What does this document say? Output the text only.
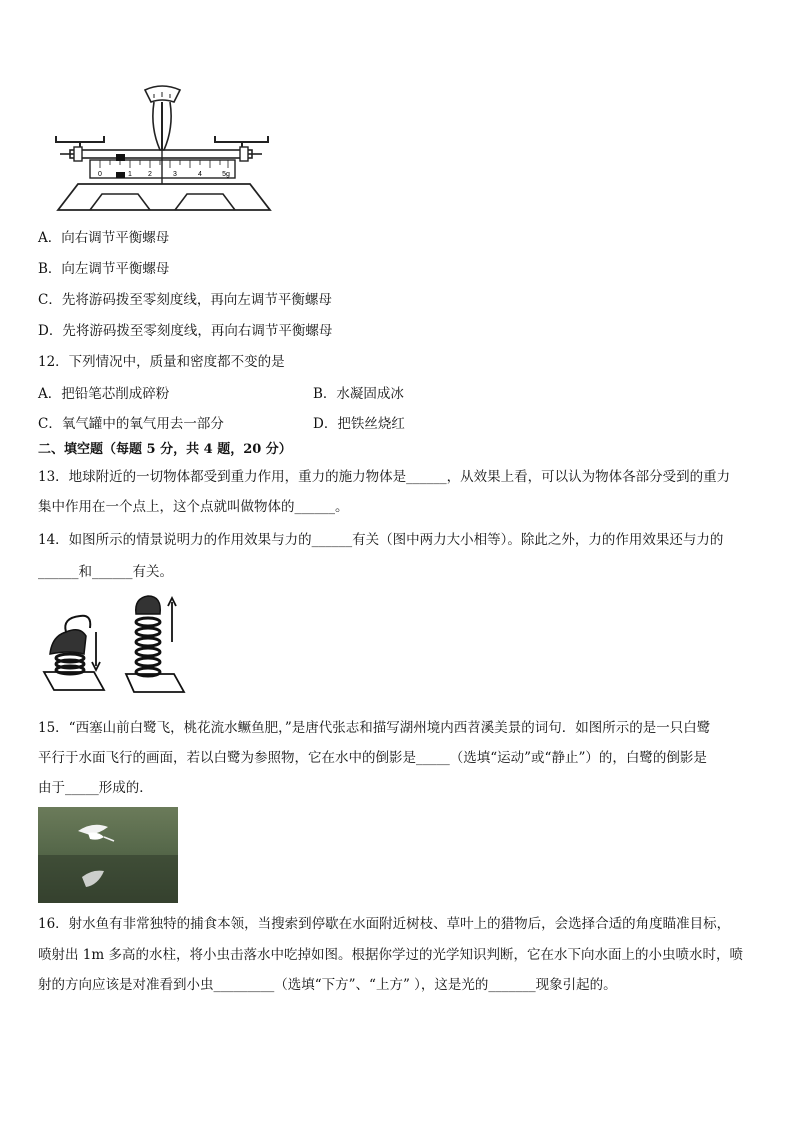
0	1 2	3	4	5g
A．向右调节平衡螺母
B．向左调节平衡螺母
C．先将游码拨至零刻度线，再向左调节平衡螺母
D．先将游码拨至零刻度线，再向右调节平衡螺母
12．下列情况中，质量和密度都不变的是
A．把铅笔芯削成碎粉	B．水凝固成冰
C．氧气罐中的氧气用去一部分	D．把铁丝烧红
二、填空题（每题 5 分，共 4 题，20 分）
13．地球附近的一切物体都受到重力作用，重力的施力物体是______，从效果上看，可以认为物体各部分受到的重力
集中作用在一个点上，这个点就叫做物体的______。
14．如图所示的情景说明力的作用效果与力的______有关（图中两力大小相等）。除此之外，力的作用效果还与力的
______和______有关。
15．“西塞山前白鹭飞，桃花流水鳜鱼肥，”是唐代张志和描写湖州境内西苕溪美景的词句．如图所示的是一只白鹭
平行于水面飞行的画面，若以白鹭为参照物，它在水中的倒影是_____（选填“运动”或“静止”）的，白鹭的倒影是
由于_____形成的．
16．射水鱼有非常独特的捕食本领，当搜索到停歇在水面附近树枝、草叶上的猎物后，会选择合适的角度瞄准目标，
喷射出 1m 多高的水柱，将小虫击落水中吃掉如图。根据你学过的光学知识判断，它在水下向水面上的小虫喷水时，喷
射的方向应该是对准看到小虫_________（选填“下方”、“上方” ），这是光的_______现象引起的。
